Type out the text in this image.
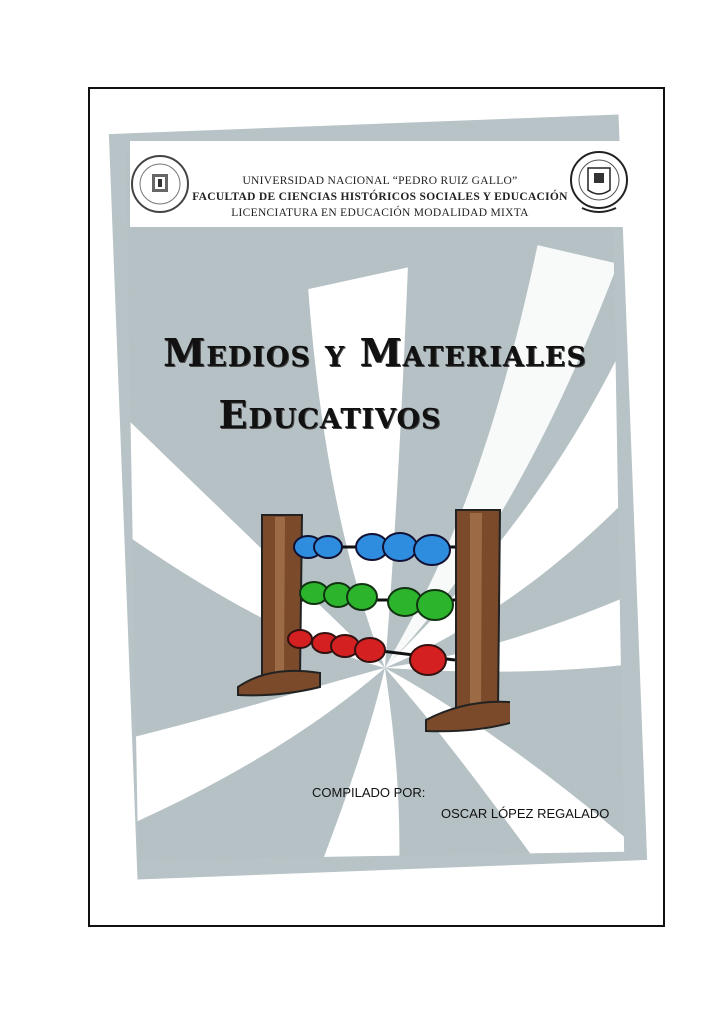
UNIVERSIDAD NACIONAL “PEDRO RUIZ GALLO”
FACULTAD DE CIENCIAS HISTÓRICOS SOCIALES Y EDUCACIÓN
LICENCIATURA EN EDUCACIÓN MODALIDAD MIXTA
Medios y Materiales
Educativos
COMPILADO POR:
OSCAR LÓPEZ REGALADO
